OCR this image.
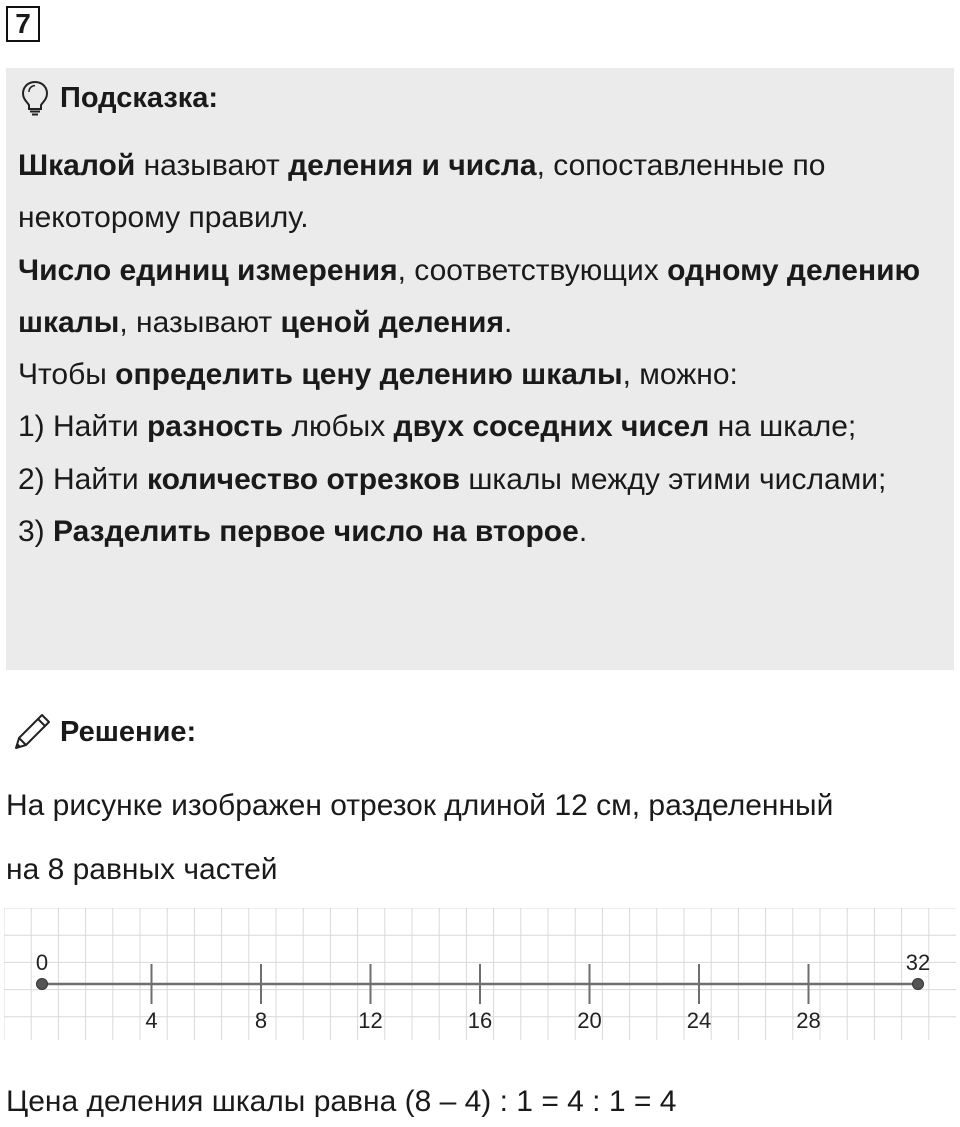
7
Подсказка:

Шкалой называют деления и числа, сопоставленные по некоторому правилу.

Число единиц измерения, соответствующих одному делению шкалы, называют ценой деления.

Чтобы определить цену делению шкалы, можно:

1) Найти разность любых двух соседних чисел на шкале;

2) Найти количество отрезков шкалы между этими числами;

3) Разделить первое число на второе.

Решение:

На рисунке изображен отрезок длиной 12 см, разделенный

на 8 равных частей

0
4	8	12	16	20	24	28
32
Цена деления шкалы равна (8 – 4) : 1 = 4 : 1 = 4
